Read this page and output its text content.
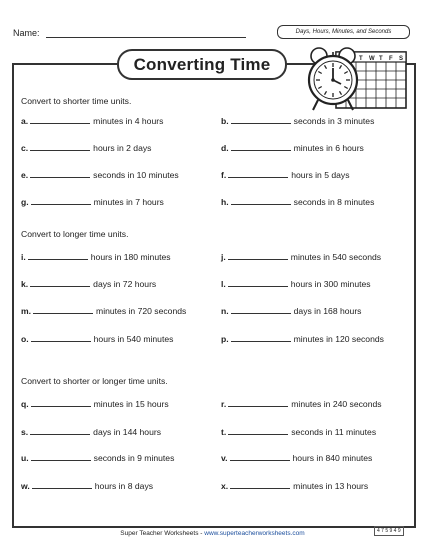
Name:	Days, Hours, Minutes, and Seconds
Converting Time	T W T F S
Convert to shorter time units.
a.	minutes in 4 hours	b.	seconds in 3 minutes
c.	hours in 2 days	d.	minutes in 6 hours
e.	seconds in 10 minutes	f.	hours in 5 days
g.	minutes in 7 hours	h.	seconds in 8 minutes
Convert to longer time units.
i.	hours in 180 minutes	j.	minutes in 540 seconds
k.	days in 72 hours	l.	hours in 300 minutes
m.	minutes in 720 seconds	n.	days in 168 hours
o.	hours in 540 minutes	p.	minutes in 120 seconds
Convert to shorter or longer time units.
q.	minutes in 15 hours	r.	minutes in 240 seconds
s.	days in 144 hours	t.	seconds in 11 minutes
u.	seconds in 9 minutes	v.	hours in 840 minutes
w.	hours in 8 days	x.	minutes in 13 hours
Super Teacher Worksheets - www.superteacherworksheets.com	4 7 5 9 4 9
